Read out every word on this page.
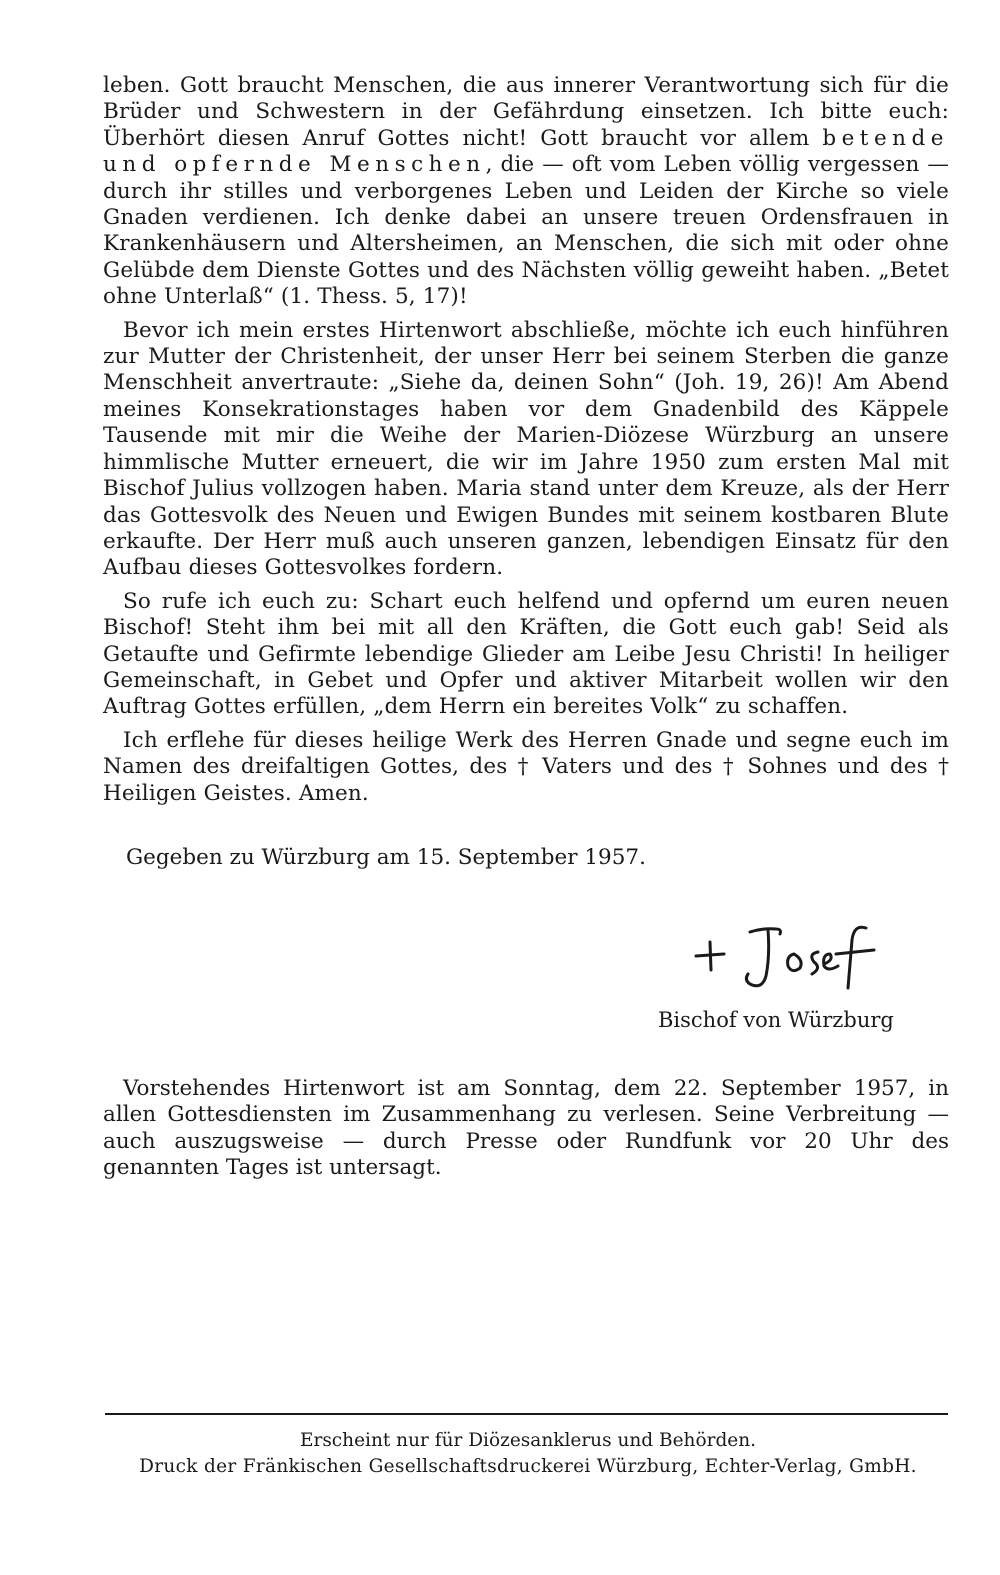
leben. Gott braucht Menschen, die aus innerer Verantwortung sich für die Brüder und Schwestern in der Gefährdung einsetzen. Ich bitte euch: Überhört diesen Anruf Gottes nicht! Gott braucht vor allem betende und opfernde Menschen, die — oft vom Leben völlig vergessen — durch ihr stilles und verborgenes Leben und Leiden der Kirche so viele Gnaden verdienen. Ich denke dabei an unsere treuen Ordensfrauen in Krankenhäusern und Altersheimen, an Menschen, die sich mit oder ohne Gelübde dem Dienste Gottes und des Nächsten völlig geweiht haben. „Betet ohne Unterlaß“ (1. Thess. 5, 17)!

Bevor ich mein erstes Hirtenwort abschließe, möchte ich euch hinführen zur Mutter der Christenheit, der unser Herr bei seinem Sterben die ganze Menschheit anvertraute: „Siehe da, deinen Sohn“ (Joh. 19, 26)! Am Abend meines Konsekrationstages haben vor dem Gnadenbild des Käppele Tausende mit mir die Weihe der Marien-Diözese Würzburg an unsere himmlische Mutter erneuert, die wir im Jahre 1950 zum ersten Mal mit Bischof Julius vollzogen haben. Maria stand unter dem Kreuze, als der Herr das Gottesvolk des Neuen und Ewigen Bundes mit seinem kostbaren Blute erkaufte. Der Herr muß auch unseren ganzen, lebendigen Einsatz für den Aufbau dieses Gottesvolkes fordern.

So rufe ich euch zu: Schart euch helfend und opfernd um euren neuen Bischof! Steht ihm bei mit all den Kräften, die Gott euch gab! Seid als Getaufte und Gefirmte lebendige Glieder am Leibe Jesu Christi! In heiliger Gemeinschaft, in Gebet und Opfer und aktiver Mitarbeit wollen wir den Auftrag Gottes erfüllen, „dem Herrn ein bereites Volk“ zu schaffen.

Ich erflehe für dieses heilige Werk des Herren Gnade und segne euch im Namen des dreifaltigen Gottes, des † Vaters und des † Sohnes und des † Heiligen Geistes. Amen.

Gegeben zu Würzburg am 15. September 1957.

Bischof von Würzburg

Vorstehendes Hirtenwort ist am Sonntag, dem 22. September 1957, in allen Gottesdiensten im Zusammenhang zu verlesen. Seine Verbreitung — auch auszugsweise — durch Presse oder Rundfunk vor 20 Uhr des genannten Tages ist untersagt.

Erscheint nur für Diözesanklerus und Behörden.

Druck der Fränkischen Gesellschaftsdruckerei Würzburg, Echter-Verlag, GmbH.
